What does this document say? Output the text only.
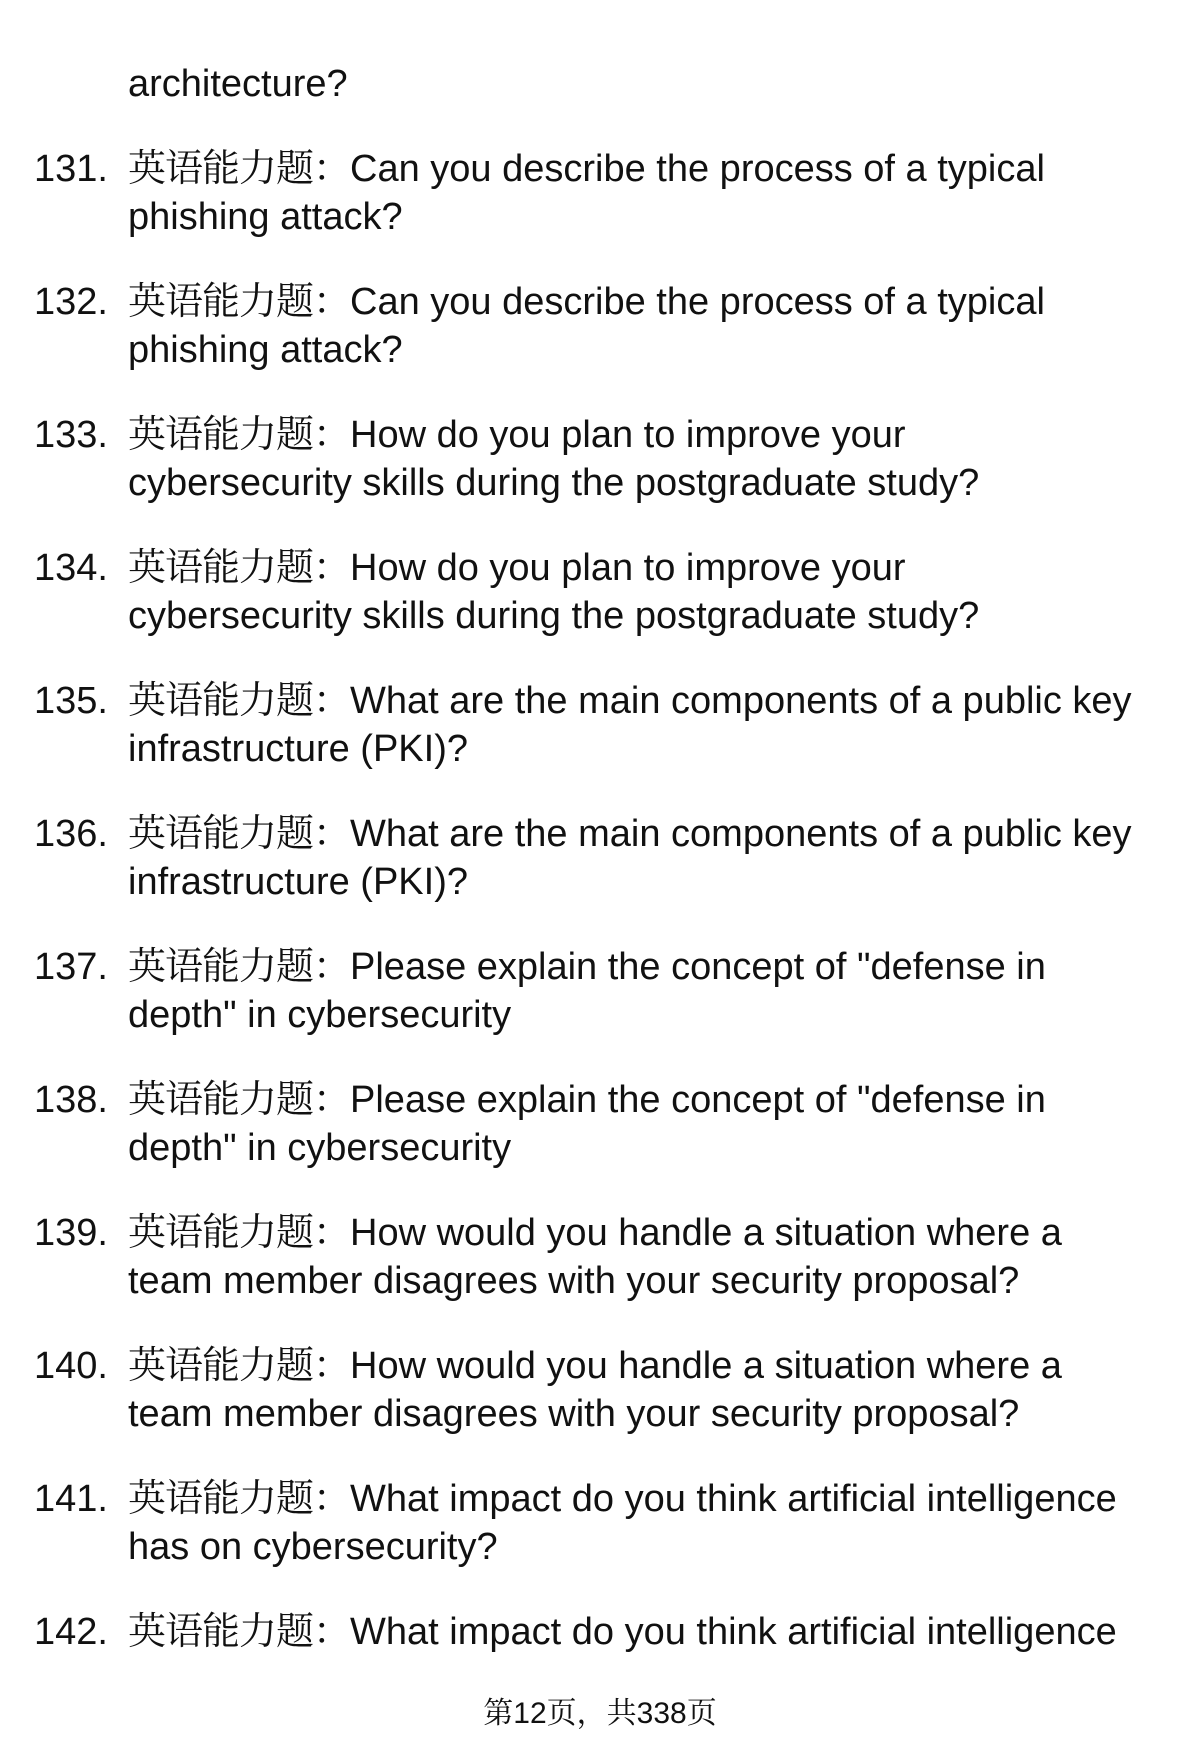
architecture?
131. 英语能力题：Can you describe the process of a typical
phishing attack?
132. 英语能力题：Can you describe the process of a typical
phishing attack?
133. 英语能力题：How do you plan to improve your
cybersecurity skills during the postgraduate study?
134. 英语能力题：How do you plan to improve your
cybersecurity skills during the postgraduate study?
135. 英语能力题：What are the main components of a public key
infrastructure (PKI)?
136. 英语能力题：What are the main components of a public key
infrastructure (PKI)?
137. 英语能力题：Please explain the concept of "defense in
depth" in cybersecurity
138. 英语能力题：Please explain the concept of "defense in
depth" in cybersecurity
139. 英语能力题：How would you handle a situation where a
team member disagrees with your security proposal?
140. 英语能力题：How would you handle a situation where a
team member disagrees with your security proposal?
141. 英语能力题：What impact do you think artificial intelligence
has on cybersecurity?
142. 英语能力题：What impact do you think artificial intelligence
第12页，共338页
